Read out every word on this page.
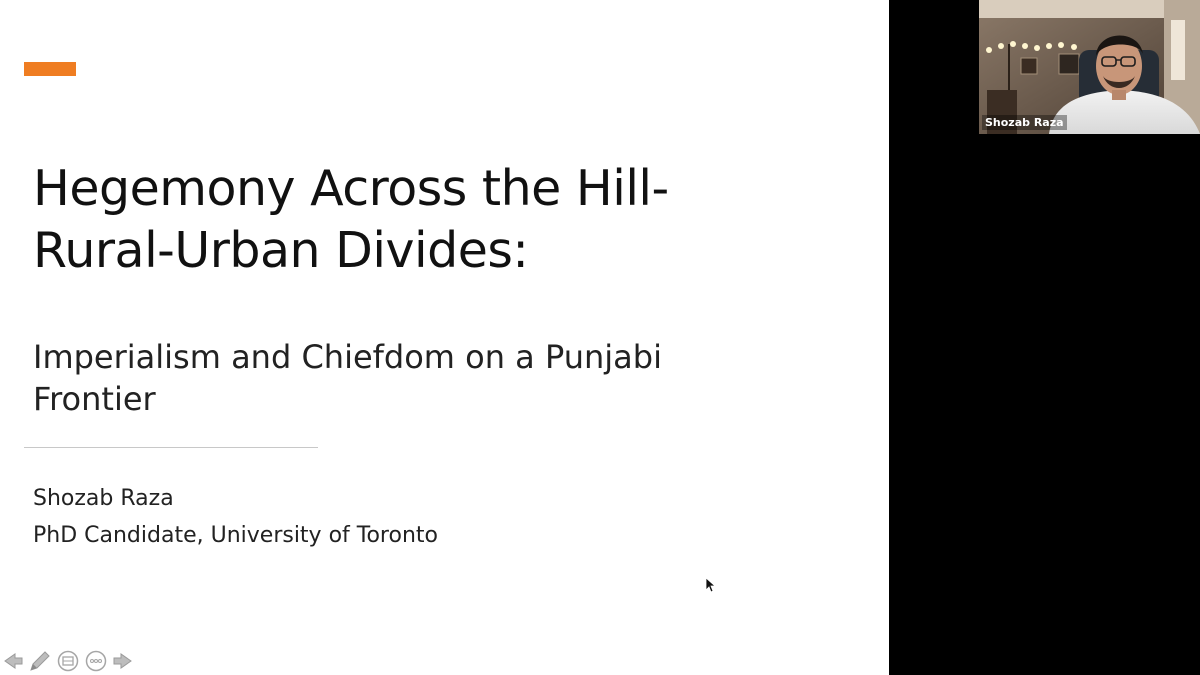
Hegemony Across the Hill-
Rural-Urban Divides:
Imperialism and Chiefdom on a Punjabi
Frontier
Shozab Raza
PhD Candidate, University of Toronto
Shozab Raza
